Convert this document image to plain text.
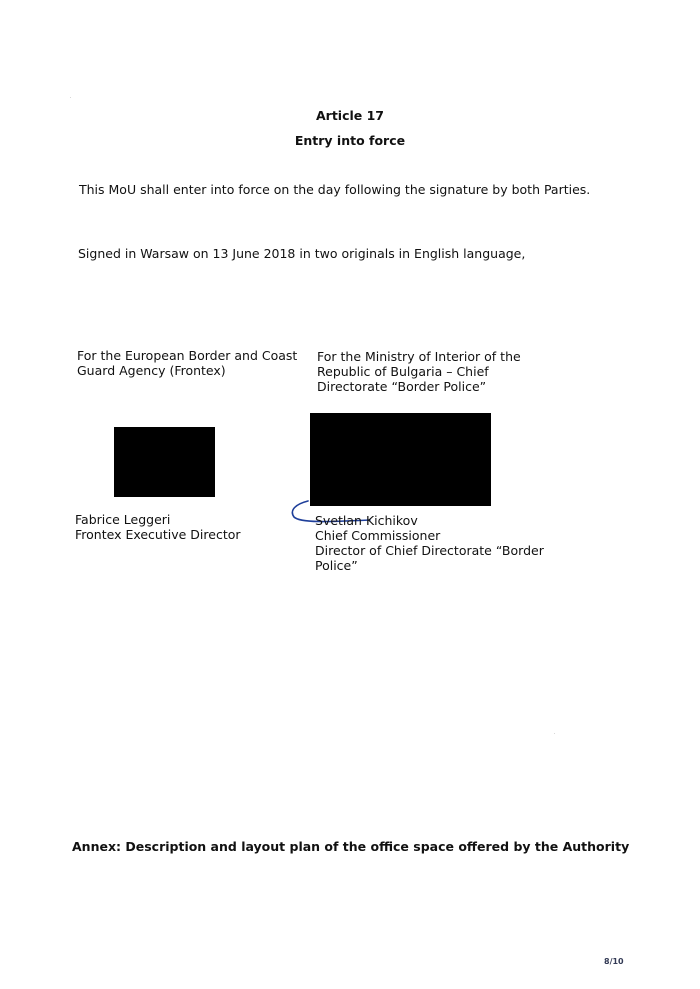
Article 17
Entry into force
This MoU shall enter into force on the day following the signature by both Parties.
Signed in Warsaw on 13 June 2018 in two originals in English language,
For the European Border and Coast
Guard Agency (Frontex)
For the Ministry of Interior of the
Republic of Bulgaria – Chief
Directorate “Border Police”
Fabrice Leggeri
Frontex Executive Director
Svetlan Kichikov
Chief Commissioner
Director of Chief Directorate “Border
Police”
Annex: Description and layout plan of the office space offered by the Authority
8/10
